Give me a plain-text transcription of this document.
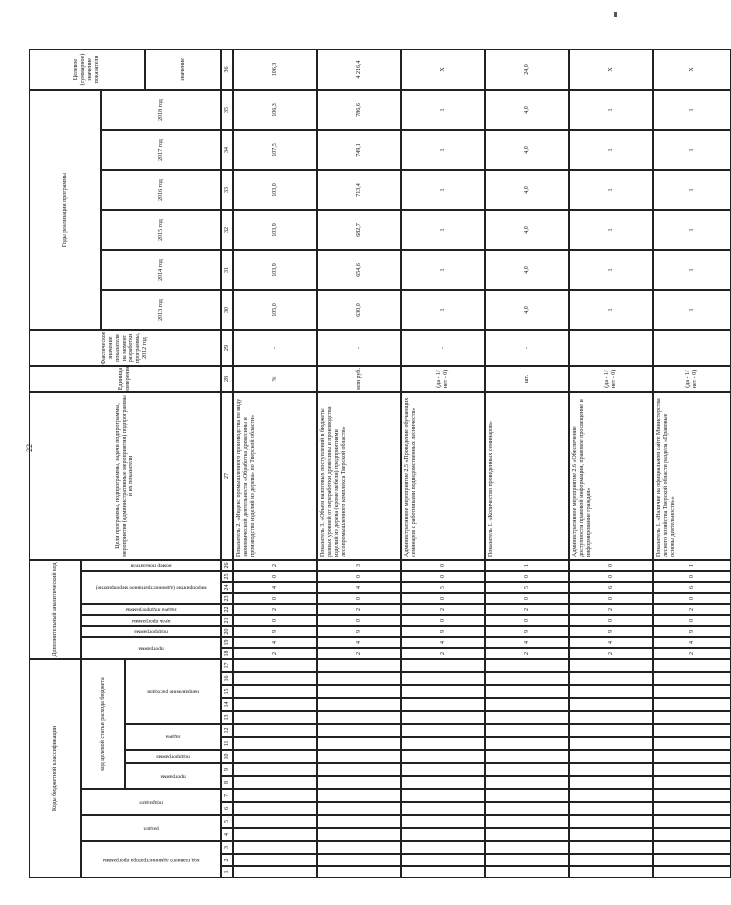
22
Коды бюджетной классификации
код главного администратора программы
раздел
подраздел
код целевой статьи расхода бюджета
программа
подпрограмма
задача
направление расходов
Дополнительный аналитический код	программа
подпрограмма
цель программы
задача подпрограммы
мероприятие (административное мероприятие)
номер показателя
Цели программы, подпрограммы, задачи подпрограммы, мероприятия (административные мероприятия) подпрограммы и их показатели
Единица измерения
Фактическое значение показателя на момент разработки программы, 2012 год
Годы реализации программы
2013 год
2014 год
2015 год
2016 год
2017 год
2018 год
Целевое (суммарное) значение показателя	значение
1
2
3
4
5
6
7
8
9
10
11
12
13
14
15
16
17
18
19
20
21
22
23
24
25
26
27
28
29
30
31
32
33
34
35
36
2
4
9
0
2
0
4
0
2
Показатель 2. «Индекс промышленного производства по виду экономической деятельности «Обработка древесины и производство изделий из дерева» по Тверской области»
%
-
105,0
103,9
103,9
103,0
107,5
106,3
106,3
2
4
9
0
2
0
4
0
3
Показатель 3. «Объем налоговых поступлений в бюджеты разных уровней от переработки древесины и производства изделий из дерева (кроме мебели) предприятиями лесопромышленного комплекса Тверской области»
млн руб.
-
630,0
654,6
682,7
713,4
749,1
786,6
4 216,4
2
4
9
0
2
0
5
0
0
Административное мероприятие 2.5 «Проведение обучающих семинаров с работниками подведомственных лесничеств»
(да - 1/нет - 0)
-
1
1
1
1
1
1
Х
2
4
9
0
2
0
5
0
1
Показатель 1. «Количество проведенных семинаров»
шт.
-
4,0
4,0
4,0
4,0
4,0
4,0
24,0
2
4
9
0
2
0
6
0
0
Административное мероприятие 2.6 «Обеспечение доступности правовой информации, правовое просвещение и информирование граждан»
(да - 1/нет - 0)
1
1
1
1
1
1
Х
2
4
9
0
2
0
6
0
1
Показатель 1. «Наличие на официальном сайте Министерства лесного хозяйства Тверской области раздела «Правовые основы деятельности»»
(да - 1/нет - 0)
1
1
1
1
1
1
Х
